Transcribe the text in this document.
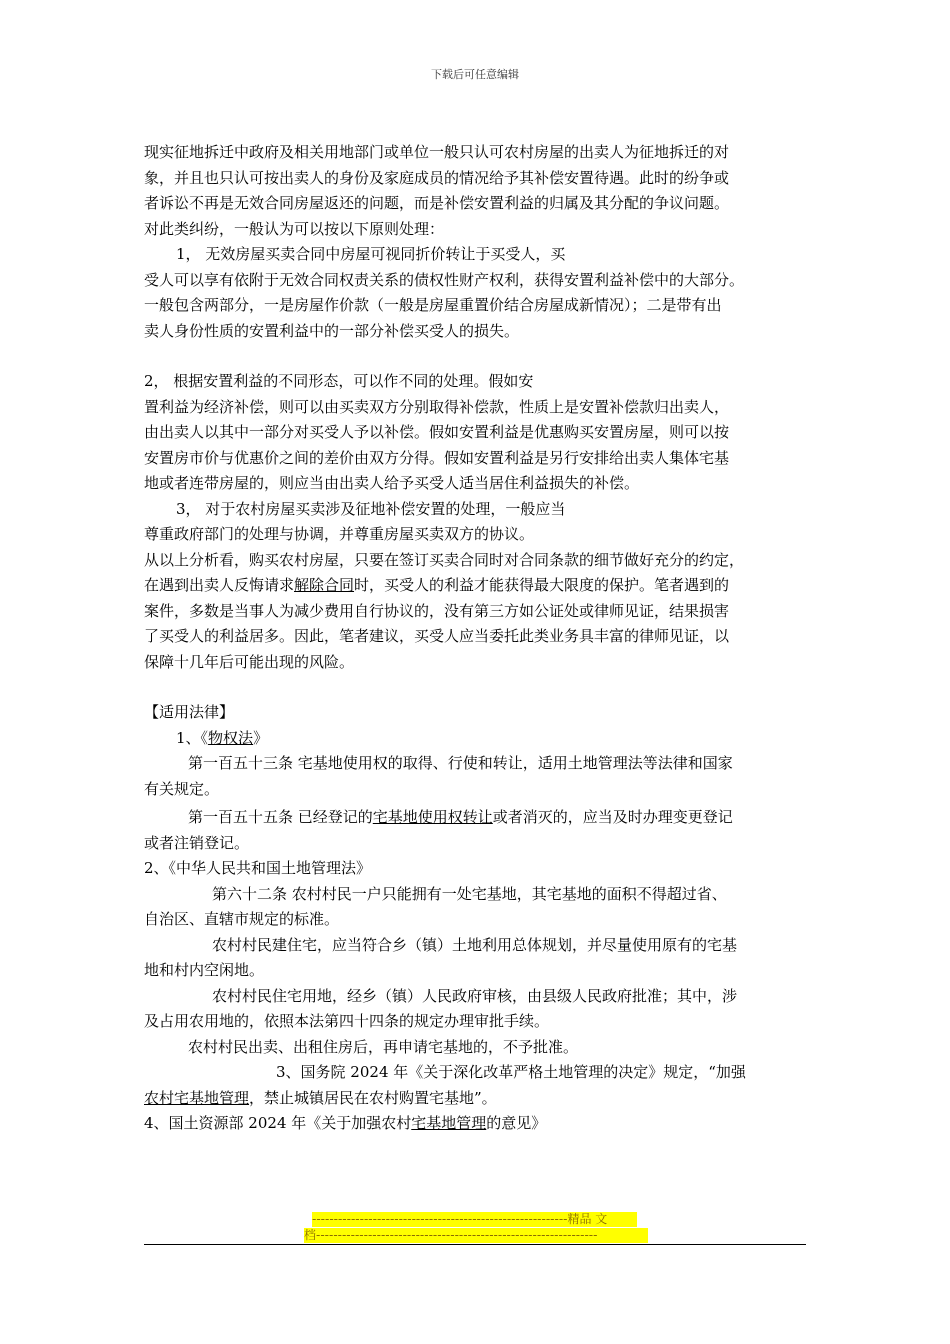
下载后可任意编辑

现实征地拆迁中政府及相关用地部门或单位一般只认可农村房屋的出卖人为征地拆迁的对

象，并且也只认可按出卖人的身份及家庭成员的情况给予其补偿安置待遇。此时的纷争或

者诉讼不再是无效合同房屋返还的问题，而是补偿安置利益的归属及其分配的争议问题。

对此类纠纷，一般认为可以按以下原则处理：

1， 无效房屋买卖合同中房屋可视同折价转让于买受人，买

受人可以享有依附于无效合同权责关系的债权性财产权利，获得安置利益补偿中的大部分。

一般包含两部分，一是房屋作价款（一般是房屋重置价结合房屋成新情况）；二是带有出

卖人身份性质的安置利益中的一部分补偿买受人的损失。

2， 根据安置利益的不同形态，可以作不同的处理。假如安

置利益为经济补偿，则可以由买卖双方分别取得补偿款，性质上是安置补偿款归出卖人，

由出卖人以其中一部分对买受人予以补偿。假如安置利益是优惠购买安置房屋，则可以按

安置房市价与优惠价之间的差价由双方分得。假如安置利益是另行安排给出卖人集体宅基

地或者连带房屋的，则应当由出卖人给予买受人适当居住利益损失的补偿。

3， 对于农村房屋买卖涉及征地补偿安置的处理，一般应当

尊重政府部门的处理与协调，并尊重房屋买卖双方的协议。

从以上分析看，购买农村房屋，只要在签订买卖合同时对合同条款的细节做好充分的约定，

在遇到出卖人反悔请求解除合同时，买受人的利益才能获得最大限度的保护。笔者遇到的

案件，多数是当事人为减少费用自行协议的，没有第三方如公证处或律师见证，结果损害

了买受人的利益居多。因此，笔者建议，买受人应当委托此类业务具丰富的律师见证，以

保障十几年后可能出现的风险。

【适用法律】

1、《物权法》

第一百五十三条 宅基地使用权的取得、行使和转让，适用土地管理法等法律和国家

有关规定。

第一百五十五条 已经登记的宅基地使用权转让或者消灭的，应当及时办理变更登记

或者注销登记。

2、《中华人民共和国土地管理法》

第六十二条 农村村民一户只能拥有一处宅基地，其宅基地的面积不得超过省、

自治区、直辖市规定的标准。

农村村民建住宅，应当符合乡（镇）土地利用总体规划，并尽量使用原有的宅基

地和村内空闲地。

农村村民住宅用地，经乡（镇）人民政府审核，由县级人民政府批准；其中，涉

及占用农用地的，依照本法第四十四条的规定办理审批手续。

农村村民出卖、出租住房后，再申请宅基地的，不予批准。

3、国务院 2024 年《关于深化改革严格土地管理的决定》规定，“加强

农村宅基地管理，禁止城镇居民在农村购置宅基地”。

4、国土资源部 2024 年《关于加强农村宅基地管理的意见》

-----------------------------------------------------------精品 文
档-----------------------------------------------------------------
